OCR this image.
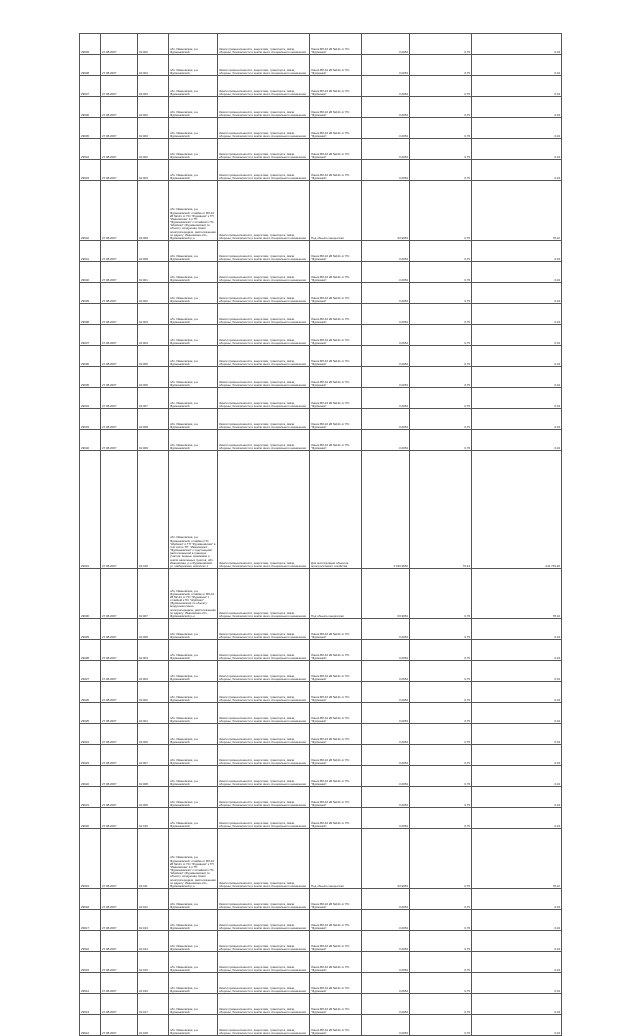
29649	27.08.2007	01:002	обл. Ивановская, р-н Фурмановский	Земли промышленности, энергетики, транспорта, связи, обороны, безопасности и земли иного специального назначения	Линия ВЛ-10 кВ №121 от ПС "Фурманов"	0,0054	0,75	0,04
29648	27.08.2007	01:004	обл. Ивановская, р-н Фурмановский	Земли промышленности, энергетики, транспорта, связи, обороны, безопасности и земли иного специального назначения	Линия ВЛ-10 кВ №121 от ПС "Фурманов"	0,0054	0,75	0,04
29647	27.08.2007	01:003	обл. Ивановская, р-н Фурмановский	Земли промышленности, энергетики, транспорта, связи, обороны, безопасности и земли иного специального назначения	Линия ВЛ-10 кВ №121 от ПС "Фурманов"	0,0054	0,75	0,04
29646	27.08.2007	01:002	обл. Ивановская, р-н Фурмановский	Земли промышленности, энергетики, транспорта, связи, обороны, безопасности и земли иного специального назначения	Линия ВЛ-10 кВ №121 от ПС "Фурманов"	0,0054	0,75	0,04
29645	27.08.2007	01:003	обл. Ивановская, р-н Фурмановский	Земли промышленности, энергетики, транспорта, связи, обороны, безопасности и земли иного специального назначения	Линия ВЛ-10 кВ №121 от ПС "Фурманов"	0,0054	0,75	0,04
29644	27.08.2007	01:002	обл. Ивановская, р-н Фурмановский	Земли промышленности, энергетики, транспорта, связи, обороны, безопасности и земли иного специального назначения	Линия ВЛ-10 кВ №121 от ПС "Фурманов"	0,0054	0,75	0,04
29643	27.08.2007	01:003	обл. Ивановская, р-н Фурмановский	Земли промышленности, энергетики, транспорта, связи, обороны, безопасности и земли иного специального назначения	Линия ВЛ-10 кВ №121 от ПС "Фурманов"	0,0054	0,75	0,04
29642	27.08.2007	01:009	обл. Ивановская, р-н Фурмановский, отпайка от ВЛ-10 кВ №121 от ПС "Фурманов" к ТП "Ивановская" 2 и ТП "Фурмановская" с отпайкой к ПС "Шуйская" (Фурмановская) по объекту: воздушная линия электропередачи, расположенная по адресу: Ивановская обл., Фурмановский р-н	Земли промышленности, энергетики, транспорта, связи, обороны, безопасности и земли иного специального назначения	Под объекты энергетики	63,9054	0,75	78,10
29641	27.08.2007	01:008	обл. Ивановская, р-н Фурмановский	Земли промышленности, энергетики, транспорта, связи, обороны, безопасности и земли иного специального назначения	Линия ВЛ-10 кВ №121 от ПС "Фурманов"	0,0054	0,75	0,04
29640	27.08.2007	01:001	обл. Ивановская, р-н Фурмановский	Земли промышленности, энергетики, транспорта, связи, обороны, безопасности и земли иного специального назначения	Линия ВЛ-10 кВ №121 от ПС "Фурманов"	0,0054	0,75	0,04
29639	27.08.2007	01:002	обл. Ивановская, р-н Фурмановский	Земли промышленности, энергетики, транспорта, связи, обороны, безопасности и земли иного специального назначения	Линия ВЛ-10 кВ №121 от ПС "Фурманов"	0,0054	0,75	0,04
29638	27.08.2007	01:003	обл. Ивановская, р-н Фурмановский	Земли промышленности, энергетики, транспорта, связи, обороны, безопасности и земли иного специального назначения	Линия ВЛ-10 кВ №121 от ПС "Фурманов"	0,0054	0,75	0,04
29637	27.08.2007	01:004	обл. Ивановская, р-н Фурмановский	Земли промышленности, энергетики, транспорта, связи, обороны, безопасности и земли иного специального назначения	Линия ВЛ-10 кВ №121 от ПС "Фурманов"	0,0054	0,75	0,04
29636	27.08.2007	01:005	обл. Ивановская, р-н Фурмановский	Земли промышленности, энергетики, транспорта, связи, обороны, безопасности и земли иного специального назначения	Линия ВЛ-10 кВ №121 от ПС "Фурманов"	0,0054	0,75	0,04
29635	27.08.2007	01:006	обл. Ивановская, р-н Фурмановский	Земли промышленности, энергетики, транспорта, связи, обороны, безопасности и земли иного специального назначения	Линия ВЛ-10 кВ №121 от ПС "Фурманов"	0,0054	0,75	0,04
29634	27.08.2007	01:007	обл. Ивановская, р-н Фурмановский	Земли промышленности, энергетики, транспорта, связи, обороны, безопасности и земли иного специального назначения	Линия ВЛ-10 кВ №121 от ПС "Фурманов"	0,0054	0,75	0,04
29633	27.08.2007	01:008	обл. Ивановская, р-н Фурмановский	Земли промышленности, энергетики, транспорта, связи, обороны, безопасности и земли иного специального назначения	Линия ВЛ-10 кВ №121 от ПС "Фурманов"	0,0054	0,75	0,04
29632	27.08.2007	01:009	обл. Ивановская, р-н Фурмановский	Земли промышленности, энергетики, транспорта, связи, обороны, безопасности и земли иного специального назначения	Линия ВЛ-10 кВ №121 от ПС "Фурманов"	0,0054	0,75	0,04
29631	27.08.2007	01:018	обл. Ивановская, р-н Фурмановский, отпайка к ПС "Шуйская" и ТП "Фурмановская" в том числе ТП: "Ивановская", "Фурмановская" с подстанцией расположенной в границах участка: водные приемники и земли населенных пунктов, обл. Ивановская, р-н Фурмановский, ул. Набережная, комплекс 1	Земли промышленности, энергетики, транспорта, связи, обороны, безопасности и земли иного специального назначения	Для эксплуатации объектов электросетевого хозяйства	3 160,9652	76,44	241 763,26
29630	27.08.2007	01:007	обл. Ивановская, р-н Фурмановский, отпайка от ВЛ-10 кВ №121 от ПС "Фурманов" с отпайкой к ПС "Шуйская" (Фурмановская) по объекту: воздушная линия электропередачи, расположенная по адресу: Ивановская обл., Фурмановский р-н	Земли промышленности, энергетики, транспорта, связи, обороны, безопасности и земли иного специального назначения	Под объекты энергетики	63,9054	0,75	78,10
29629	27.08.2007	01:005	обл. Ивановская, р-н Фурмановский	Земли промышленности, энергетики, транспорта, связи, обороны, безопасности и земли иного специального назначения	Линия ВЛ-10 кВ №121 от ПС "Фурманов"	0,0054	0,75	0,04
29628	27.08.2007	01:004	обл. Ивановская, р-н Фурмановский	Земли промышленности, энергетики, транспорта, связи, обороны, безопасности и земли иного специального назначения	Линия ВЛ-10 кВ №121 от ПС "Фурманов"	0,0054	0,75	0,04
29627	27.08.2007	01:003	обл. Ивановская, р-н Фурмановский	Земли промышленности, энергетики, транспорта, связи, обороны, безопасности и земли иного специального назначения	Линия ВЛ-10 кВ №121 от ПС "Фурманов"	0,0054	0,75	0,04
29626	27.08.2007	01:002	обл. Ивановская, р-н Фурмановский	Земли промышленности, энергетики, транспорта, связи, обороны, безопасности и земли иного специального назначения	Линия ВЛ-10 кВ №121 от ПС "Фурманов"	0,0054	0,75	0,04
29625	27.08.2007	01:001	обл. Ивановская, р-н Фурмановский	Земли промышленности, энергетики, транспорта, связи, обороны, безопасности и земли иного специального назначения	Линия ВЛ-10 кВ №121 от ПС "Фурманов"	0,0054	0,75	0,04
29624	27.08.2007	01:006	обл. Ивановская, р-н Фурмановский	Земли промышленности, энергетики, транспорта, связи, обороны, безопасности и земли иного специального назначения	Линия ВЛ-10 кВ №121 от ПС "Фурманов"	0,0054	0,75	0,04
29623	27.08.2007	01:007	обл. Ивановская, р-н Фурмановский	Земли промышленности, энергетики, транспорта, связи, обороны, безопасности и земли иного специального назначения	Линия ВЛ-10 кВ №121 от ПС "Фурманов"	0,0054	0,75	0,04
29622	27.08.2007	01:008	обл. Ивановская, р-н Фурмановский	Земли промышленности, энергетики, транспорта, связи, обороны, безопасности и земли иного специального назначения	Линия ВЛ-10 кВ №121 от ПС "Фурманов"	0,0054	0,75	0,04
29621	27.08.2007	01:009	обл. Ивановская, р-н Фурмановский	Земли промышленности, энергетики, транспорта, связи, обороны, безопасности и земли иного специального назначения	Линия ВЛ-10 кВ №121 от ПС "Фурманов"	0,0054	0,75	0,04
29620	27.08.2007	01:010	обл. Ивановская, р-н Фурмановский	Земли промышленности, энергетики, транспорта, связи, обороны, безопасности и земли иного специального назначения	Линия ВЛ-10 кВ №121 от ПС "Фурманов"	0,0054	0,75	0,04
29619	27.08.2007	01:011	обл. Ивановская, р-н Фурмановский, отпайка от ВЛ-10 кВ №121 от ПС "Фурманов" к ТП "Ивановская" 2 и ТП "Фурмановская" с отпайкой к ПС "Шуйская" (Фурмановская) по объекту: воздушная линия электропередачи, расположенная по адресу: Ивановская обл., Фурмановский р-н	Земли промышленности, энергетики, транспорта, связи, обороны, безопасности и земли иного специального назначения	Под объекты энергетики	63,9054	0,75	78,10
29618	27.08.2007	01:012	обл. Ивановская, р-н Фурмановский	Земли промышленности, энергетики, транспорта, связи, обороны, безопасности и земли иного специального назначения	Линия ВЛ-10 кВ №121 от ПС "Фурманов"	0,0054	0,75	0,04
29617	27.08.2007	01:013	обл. Ивановская, р-н Фурмановский	Земли промышленности, энергетики, транспорта, связи, обороны, безопасности и земли иного специального назначения	Линия ВЛ-10 кВ №121 от ПС "Фурманов"	0,0054	0,75	0,04
29616	27.08.2007	01:014	обл. Ивановская, р-н Фурмановский	Земли промышленности, энергетики, транспорта, связи, обороны, безопасности и земли иного специального назначения	Линия ВЛ-10 кВ №121 от ПС "Фурманов"	0,0054	0,75	0,04
29615	27.08.2007	01:015	обл. Ивановская, р-н Фурмановский	Земли промышленности, энергетики, транспорта, связи, обороны, безопасности и земли иного специального назначения	Линия ВЛ-10 кВ №121 от ПС "Фурманов"	0,0054	0,75	0,04
29614	27.08.2007	01:016	обл. Ивановская, р-н Фурмановский	Земли промышленности, энергетики, транспорта, связи, обороны, безопасности и земли иного специального назначения	Линия ВЛ-10 кВ №121 от ПС "Фурманов"	0,0054	0,75	0,04
29613	27.08.2007	01:017	обл. Ивановская, р-н Фурмановский	Земли промышленности, энергетики, транспорта, связи, обороны, безопасности и земли иного специального назначения	Линия ВЛ-10 кВ №121 от ПС "Фурманов"	0,0054	0,75	0,04
29612	27.08.2007	01:018	обл. Ивановская, р-н Фурмановский	Земли промышленности, энергетики, транспорта, связи, обороны, безопасности и земли иного специального назначения	Линия ВЛ-10 кВ №121 от ПС "Фурманов"	0,0054	0,75	0,04
